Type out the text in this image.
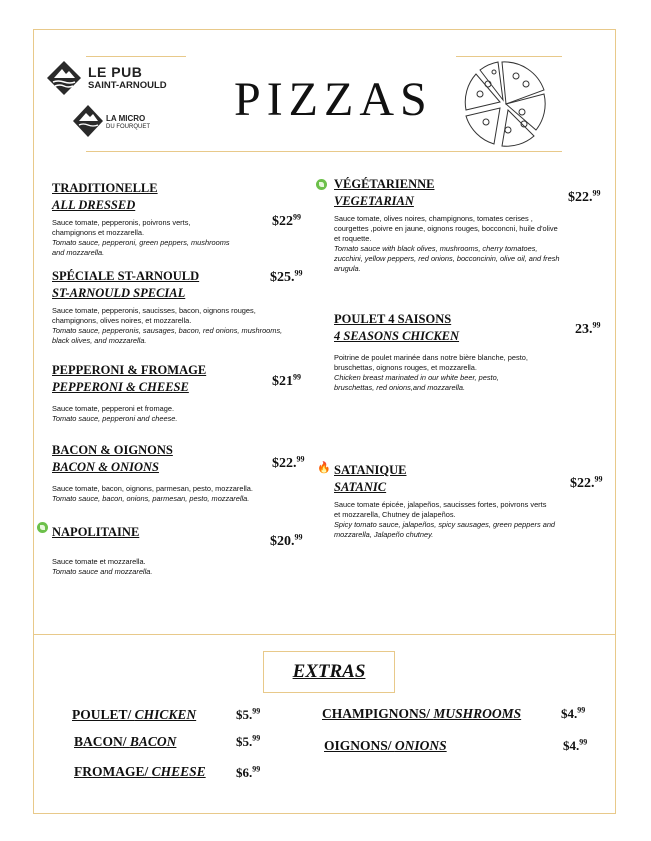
LE PUB
SAINT-ARNOULD
LA MICRO
DU FOURQUET
PIZZAS
TRADITIONELLE
ALL DRESSED
Sauce tomate, pepperonis, poivrons verts, champignons et mozzarella.
Tomato sauce, pepperoni, green peppers, mushrooms and mozzarella.
$\$22^{99}$
SPÉCIALE ST-ARNOULD
ST-ARNOULD SPECIAL
Sauce tomate, pepperonis, saucisses, bacon, oignons rouges, champignons, olives noires, et mozzarella.
Tomato sauce, pepperonis, sausages, bacon, red onions, mushrooms, black olives, and mozzarella.
$25.99
PEPPERONI & FROMAGE
PEPPERONI & CHEESE
Sauce tomate, pepperoni et fromage.
Tomato sauce, pepperoni and cheese.
$\$21^{99}$
BACON & OIGNONS
BACON & ONIONS
Sauce tomate, bacon, oignons, parmesan, pesto, mozzarella.
Tomato sauce, bacon, onions, parmesan, pesto, mozzarella.
$22.99
NAPOLITAINE
Sauce tomate et mozzarella.
Tomato sauce and mozzarella.
$20.99
VÉGÉTARIENNE
VEGETARIAN
Sauce tomate, olives noires, champignons, tomates cerises , courgettes ,poivre en jaune, oignons rouges, bocconcni, huile d'olive et roquette.
Tomato sauce with black olives, mushrooms, cherry tomatoes, zucchini, yellow peppers, red onions, bocconcinin, olive oil, and fresh arugula.
$22.99
POULET 4 SAISONS
4 SEASONS CHICKEN
Poitrine de poulet marinée dans notre bière blanche, pesto, bruschettas, oignons rouges, et mozzarella.
Chicken breast marinated in our white beer, pesto, bruschettas, red onions,and mozzarella.
23.99
🔥 SATANIQUE
SATANIC
Sauce tomate épicée, jalapeños, saucisses fortes, poivrons verts et mozzarella, Chutney de jalapeños.
Spicy tomato sauce, jalapeños, spicy sausages, green peppers and mozzarella, Jalapeño chutney.
$22.99
EXTRAS
POULET/ CHICKEN	$5.99
BACON/ BACON	$5.99
FROMAGE/ CHEESE $6.99
CHAMPIGNONS/ MUSHROOMS	$4.99
OIGNONS/ ONIONS	$4.99
